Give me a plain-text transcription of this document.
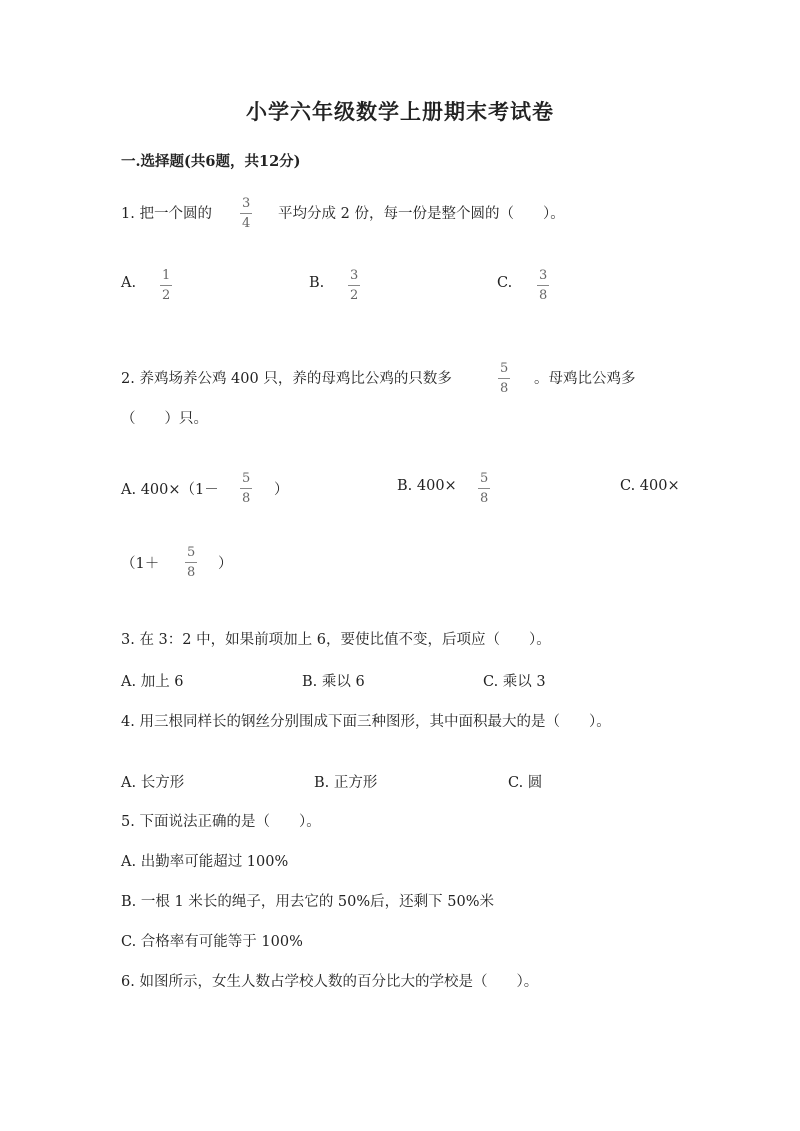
小学六年级数学上册期末考试卷
一.选择题(共6题，共12分)
1. 把一个圆的
3
4
平均分成 2 份，每一份是整个圆的（　　）。
A. 1
2
B. 3
2
C. 3
8
2. 养鸡场养公鸡 400 只，养的母鸡比公鸡的只数多
5
8
。母鸡比公鸡多
（　　）只。
A. 400×（1－
5
8
）	B. 400× 5
8
C. 400×
（1＋
5
8
）
3. 在 3：2 中，如果前项加上 6，要使比值不变，后项应（　　）。
A. 加上 6	B. 乘以 6	C. 乘以 3
4. 用三根同样长的钢丝分别围成下面三种图形，其中面积最大的是（　　）。
A. 长方形	B. 正方形	C. 圆
5. 下面说法正确的是（　　）。
A. 出勤率可能超过 100%
B. 一根 1 米长的绳子，用去它的 50%后，还剩下 50%米
C. 合格率有可能等于 100%
6. 如图所示，女生人数占学校人数的百分比大的学校是（　　）。
